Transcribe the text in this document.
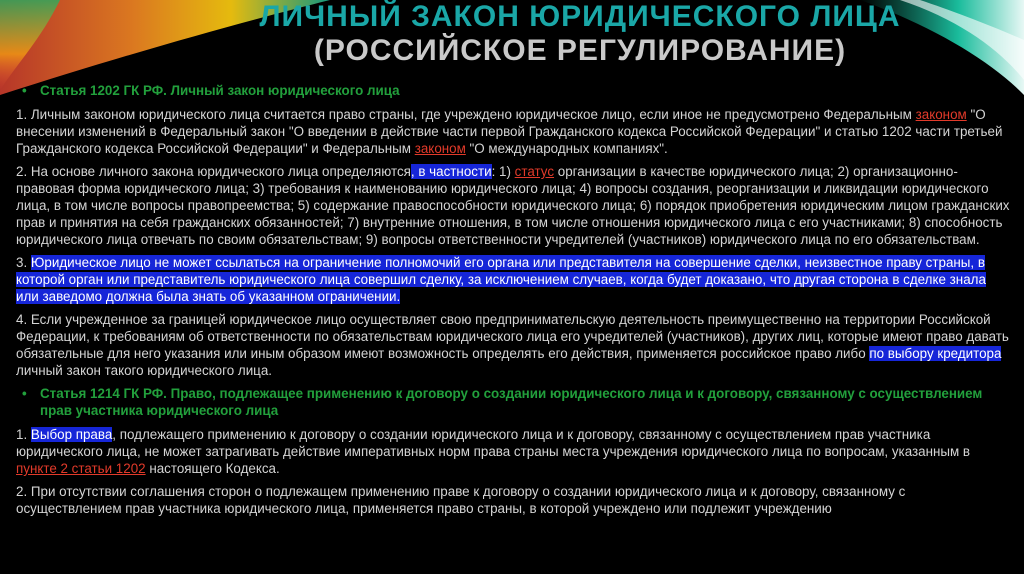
ЛИЧНЫЙ ЗАКОН ЮРИДИЧЕСКОГО ЛИЦА
(РОССИЙСКОЕ РЕГУЛИРОВАНИЕ)
• Статья 1202 ГК РФ. Личный закон юридического лица

1. Личным законом юридического лица считается право страны, где учреждено юридическое лицо, если иное не предусмотрено Федеральным законом "О внесении изменений в Федеральный закон "О введении в действие части первой Гражданского кодекса Российской Федерации" и статью 1202 части третьей Гражданского кодекса Российской Федерации" и Федеральным законом "О международных компаниях".

2. На основе личного закона юридического лица определяются, в частности: 1) статус организации в качестве юридического лица; 2) организационно-правовая форма юридического лица; 3) требования к наименованию юридического лица; 4) вопросы создания, реорганизации и ликвидации юридического лица, в том числе вопросы правопреемства; 5) содержание правоспособности юридического лица; 6) порядок приобретения юридическим лицом гражданских прав и принятия на себя гражданских обязанностей; 7) внутренние отношения, в том числе отношения юридического лица с его участниками; 8) способность юридического лица отвечать по своим обязательствам; 9) вопросы ответственности учредителей (участников) юридического лица по его обязательствам.

3. Юридическое лицо не может ссылаться на ограничение полномочий его органа или представителя на совершение сделки, неизвестное праву страны, в которой орган или представитель юридического лица совершил сделку, за исключением случаев, когда будет доказано, что другая сторона в сделке знала или заведомо должна была знать об указанном ограничении.

4. Если учрежденное за границей юридическое лицо осуществляет свою предпринимательскую деятельность преимущественно на территории Российской Федерации, к требованиям об ответственности по обязательствам юридического лица его учредителей (участников), других лиц, которые имеют право давать обязательные для него указания или иным образом имеют возможность определять его действия, применяется российское право либо по выбору кредитора личный закон такого юридического лица.

• Статья 1214 ГК РФ. Право, подлежащее применению к договору о создании юридического лица и к договору, связанному с осуществлением прав участника юридического лица

1. Выбор права, подлежащего применению к договору о создании юридического лица и к договору, связанному с осуществлением прав участника юридического лица, не может затрагивать действие императивных норм права страны места учреждения юридического лица по вопросам, указанным в пункте 2 статьи 1202 настоящего Кодекса.

2. При отсутствии соглашения сторон о подлежащем применению праве к договору о создании юридического лица и к договору, связанному с осуществлением прав участника юридического лица, применяется право страны, в которой учреждено или подлежит учреждению
